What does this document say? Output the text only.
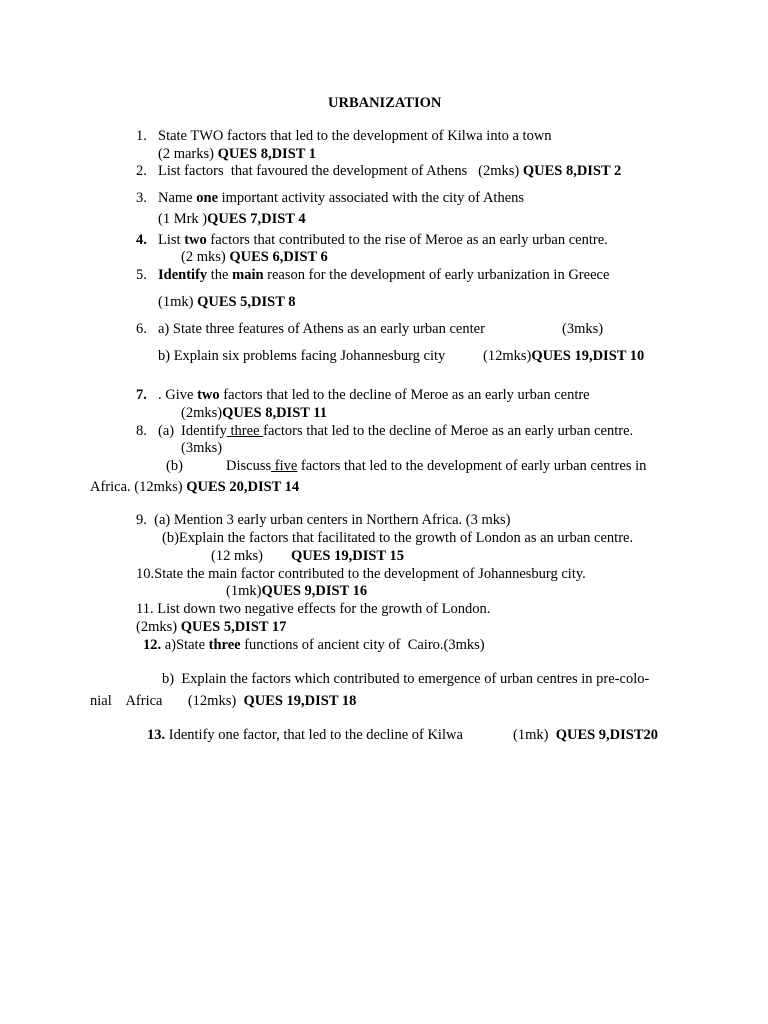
URBANIZATION
1. State TWO factors that led to the development of Kilwa into a town
(2 marks) QUES 8,DIST 1
2. List factors  that favoured the development of Athens   (2mks) QUES 8,DIST 2
3. Name one important activity associated with the city of Athens
(1 Mrk )QUES 7,DIST 4
4. List two factors that contributed to the rise of Meroe as an early urban centre.
(2 mks) QUES 6,DIST 6
5. Identify the main reason for the development of early urbanization in Greece
(1mk) QUES 5,DIST 8
6. a) State three features of Athens as an early urban center	(3mks)
b) Explain six problems facing Johannesburg city	(12mks)QUES 19,DIST 10
7. . Give two factors that led to the decline of Meroe as an early urban centre
(2mks)QUES 8,DIST 11
8. (a) Identify three factors that led to the decline of Meroe as an early urban centre.
(3mks)
(b)	Discuss five factors that led to the development of early urban centres in
Africa. (12mks) QUES 20,DIST 14
9.  (a) Mention 3 early urban centers in Northern Africa. (3 mks)
(b)Explain the factors that facilitated to the growth of London as an urban centre.
(12 mks) QUES 19,DIST 15
10.State the main factor contributed to the development of Johannesburg city.
(1mk)QUES 9,DIST 16
11. List down two negative effects for the growth of London.
(2mks) QUES 5,DIST 17
12. a)State three functions of ancient city of  Cairo.(3mks)
b)  Explain the factors which contributed to emergence of urban centres in pre-colo-
nial    Africa       (12mks)  QUES 19,DIST 18
13. Identify one factor, that led to the decline of Kilwa	(1mk)  QUES 9,DIST20
